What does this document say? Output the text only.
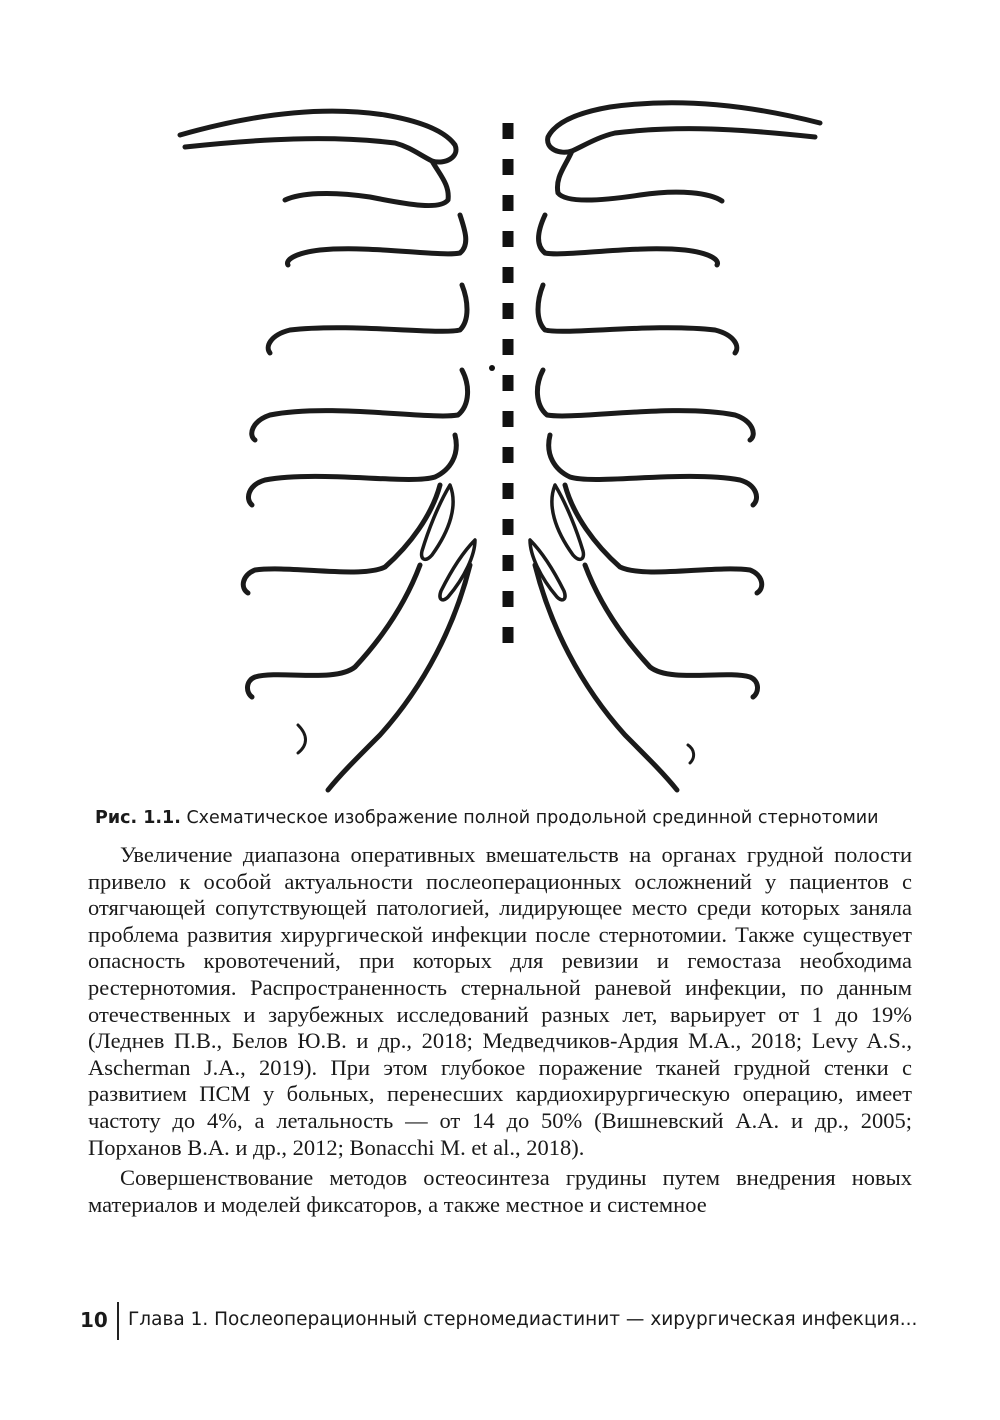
Рис. 1.1. Схематическое изображение полной продольной срединной стернотомии

Увеличение диапазона оперативных вмешательств на органах грудной полости привело к особой актуальности послеоперационных осложнений у пациентов с отягчающей сопутствующей патологией, лидирующее место среди которых заняла проблема развития хирургической инфекции после стернотомии. Также существует опасность кровотечений, при которых для ревизии и гемостаза необходима рестернотомия. Распространенность стернальной раневой инфекции, по данным отечественных и зарубежных исследований разных лет, варьирует от 1 до 19% (Леднев П.В., Белов Ю.В. и др., 2018; Медведчиков-Ардия М.А., 2018; Levy A.S., Ascherman J.A., 2019). При этом глубокое поражение тканей грудной стенки с развитием ПСМ у больных, перенесших кардиохирургическую операцию, имеет частоту до 4%, а летальность — от 14 до 50% (Вишневский А.А. и др., 2005; Порханов В.А. и др., 2012; Bonacchi M. et al., 2018).

Совершенствование методов остеосинтеза грудины путем внедрения новых материалов и моделей фиксаторов, а также местное и системное

10 Глава 1. Послеоперационный стерномедиастинит — хирургическая инфекция...
